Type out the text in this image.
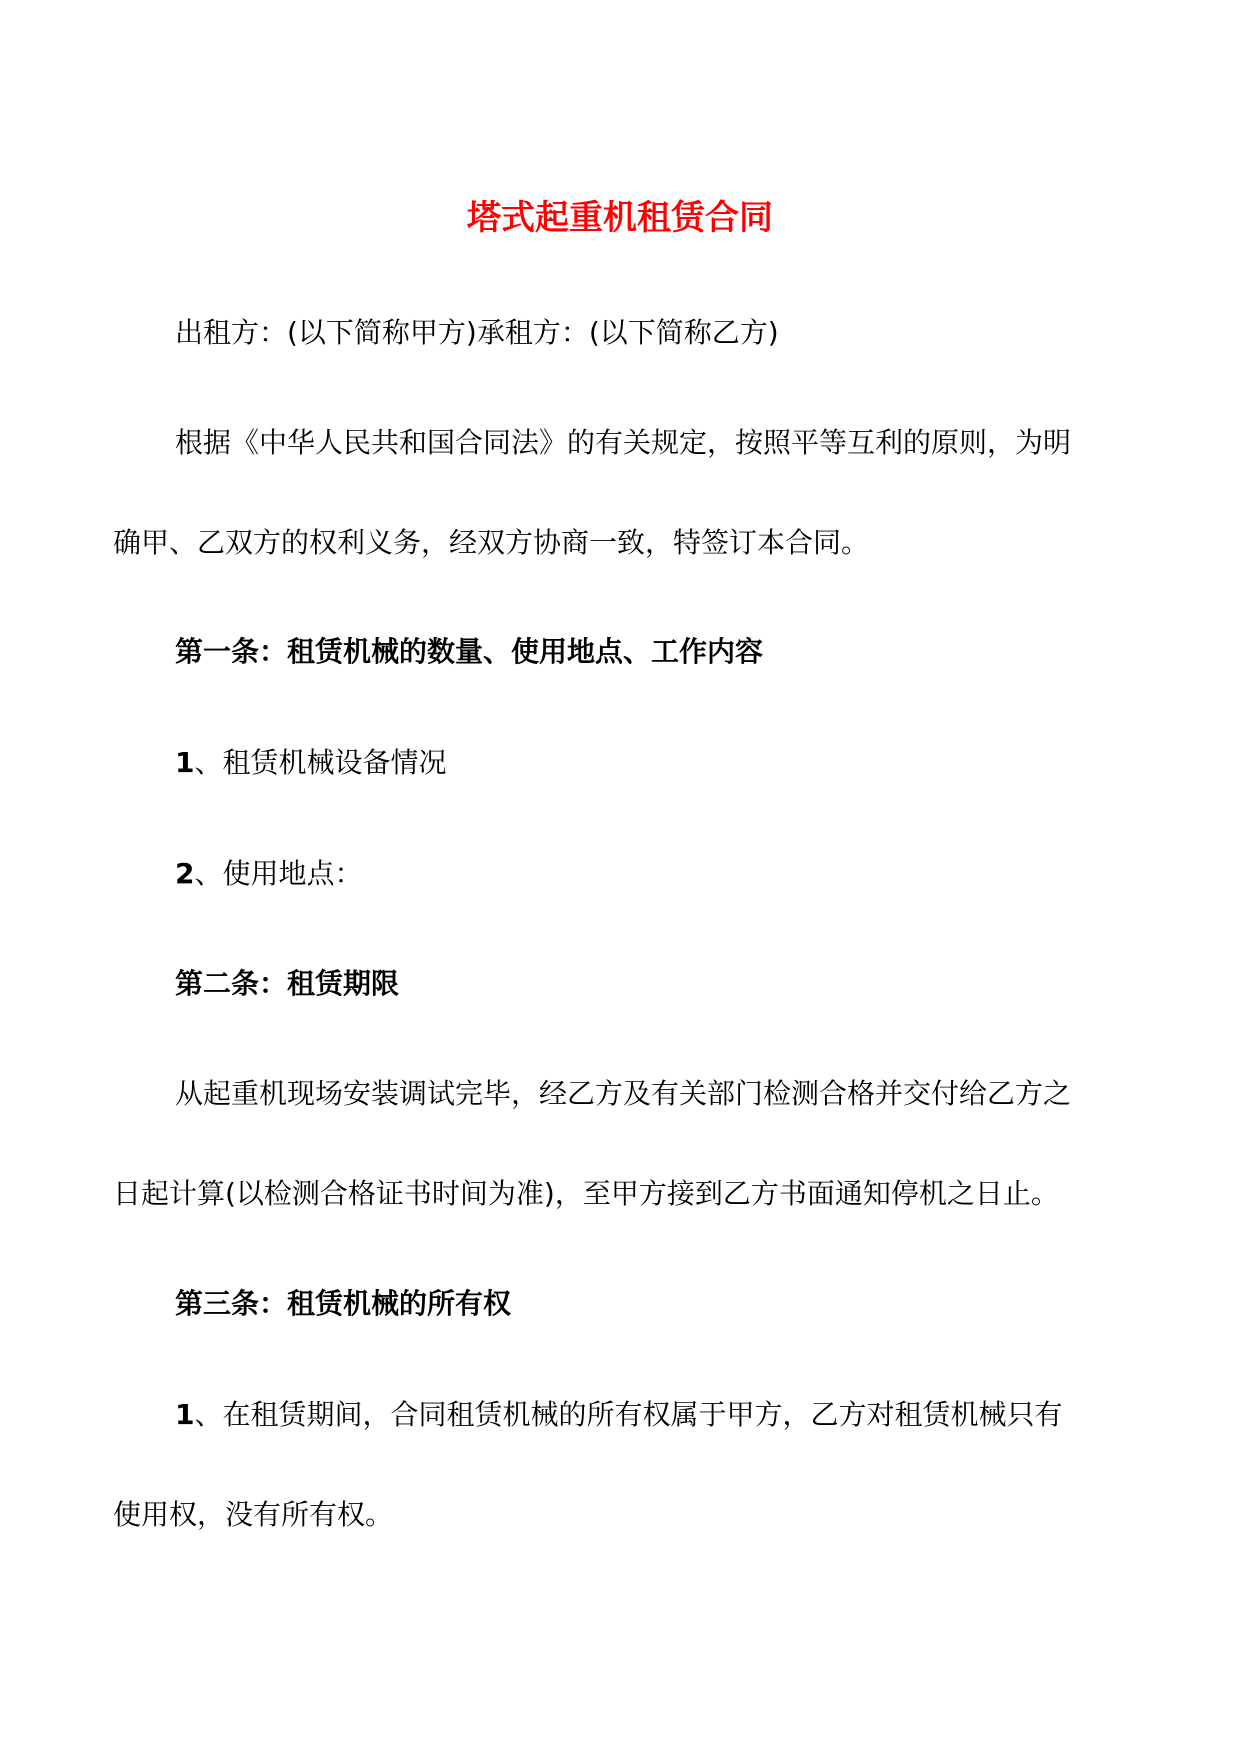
塔式起重机租赁合同

出租方：(以下简称甲方)承租方：(以下简称乙方)

根据《中华人民共和国合同法》的有关规定，按照平等互利的原则，为明

确甲、乙双方的权利义务，经双方协商一致，特签订本合同。

第一条：租赁机械的数量、使用地点、工作内容

1、租赁机械设备情况

2、使用地点：

第二条：租赁期限

从起重机现场安装调试完毕，经乙方及有关部门检测合格并交付给乙方之

日起计算(以检测合格证书时间为准)，至甲方接到乙方书面通知停机之日止。

第三条：租赁机械的所有权

1、在租赁期间，合同租赁机械的所有权属于甲方，乙方对租赁机械只有

使用权，没有所有权。
